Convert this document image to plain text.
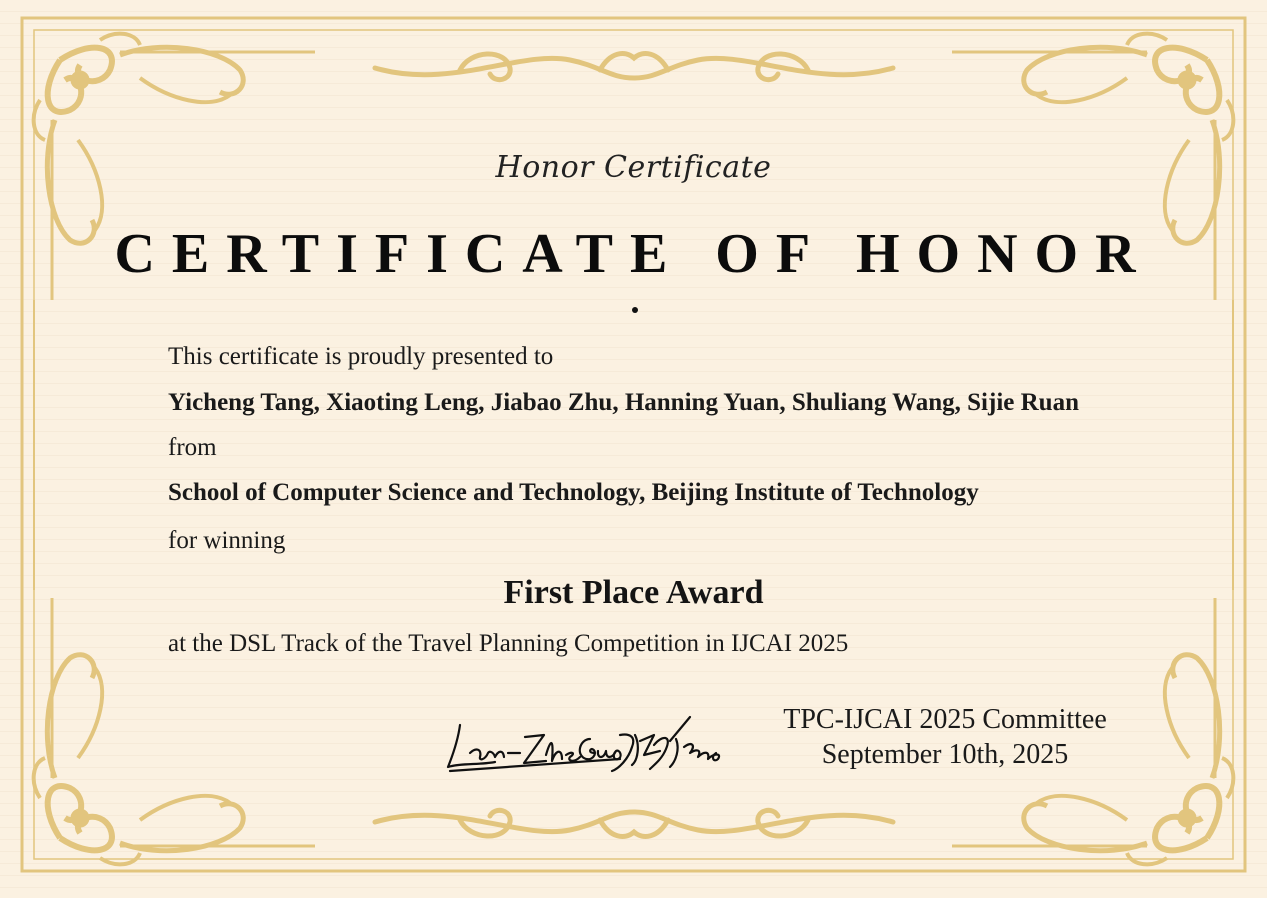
Honor Certificate
CERTIFICATE OF HONOR
This certificate is proudly presented to
Yicheng Tang, Xiaoting Leng, Jiabao Zhu, Hanning Yuan, Shuliang Wang, Sijie Ruan
from
School of Computer Science and Technology, Beijing Institute of Technology
for winning
First Place Award
at the DSL Track of the Travel Planning Competition in IJCAI 2025
TPC-IJCAI 2025 Committee
September 10th, 2025
